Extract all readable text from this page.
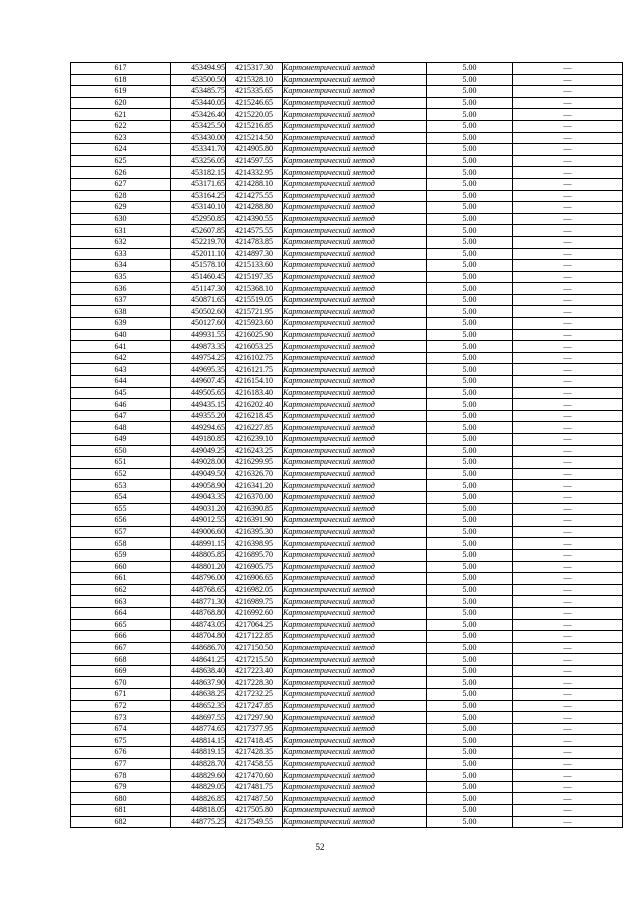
617	453494.95	4215317.30	Картометрический метод	5.00	—
618	453500.50	4215328.10	Картометрический метод	5.00	—
619	453485.75	4215335.65	Картометрический метод	5.00	—
620	453440.05	4215246.65	Картометрический метод	5.00	—
621	453426.40	4215220.05	Картометрический метод	5.00	—
622	453425.50	4215216.85	Картометрический метод	5.00	—
623	453430.00	4215214.50	Картометрический метод	5.00	—
624	453341.70	4214905.80	Картометрический метод	5.00	—
625	453256.05	4214597.55	Картометрический метод	5.00	—
626	453182.15	4214332.95	Картометрический метод	5.00	—
627	453171.65	4214288.10	Картометрический метод	5.00	—
628	453164.25	4214275.55	Картометрический метод	5.00	—
629	453140.10	4214288.80	Картометрический метод	5.00	—
630	452950.85	4214390.55	Картометрический метод	5.00	—
631	452607.85	4214575.55	Картометрический метод	5.00	—
632	452219.70	4214783.85	Картометрический метод	5.00	—
633	452011.10	4214897.30	Картометрический метод	5.00	—
634	451578.10	4215133.60	Картометрический метод	5.00	—
635	451460.45	4215197.35	Картометрический метод	5.00	—
636	451147.30	4215368.10	Картометрический метод	5.00	—
637	450871.65	4215519.05	Картометрический метод	5.00	—
638	450502.60	4215721.95	Картометрический метод	5.00	—
639	450127.60	4215923.60	Картометрический метод	5.00	—
640	449931.55	4216025.90	Картометрический метод	5.00	—
641	449873.35	4216053.25	Картометрический метод	5.00	—
642	449754.25	4216102.75	Картометрический метод	5.00	—
643	449695.35	4216121.75	Картометрический метод	5.00	—
644	449607.45	4216154.10	Картометрический метод	5.00	—
645	449505.65	4216183.40	Картометрический метод	5.00	—
646	449435.15	4216202.40	Картометрический метод	5.00	—
647	449355.20	4216218.45	Картометрический метод	5.00	—
648	449294.65	4216227.85	Картометрический метод	5.00	—
649	449180.85	4216239.10	Картометрический метод	5.00	—
650	449049.25	4216243.25	Картометрический метод	5.00	—
651	449028.00	4216299.95	Картометрический метод	5.00	—
652	449049.50	4216326.70	Картометрический метод	5.00	—
653	449058.90	4216341.20	Картометрический метод	5.00	—
654	449043.35	4216370.00	Картометрический метод	5.00	—
655	449031.20	4216390.85	Картометрический метод	5.00	—
656	449012.55	4216391.90	Картометрический метод	5.00	—
657	449006.60	4216395.30	Картометрический метод	5.00	—
658	448991.15	4216398.95	Картометрический метод	5.00	—
659	448805.85	4216895.70	Картометрический метод	5.00	—
660	448801.20	4216905.75	Картометрический метод	5.00	—
661	448796.00	4216906.65	Картометрический метод	5.00	—
662	448768.65	4216982.05	Картометрический метод	5.00	—
663	448771.30	4216989.75	Картометрический метод	5.00	—
664	448768.80	4216992.60	Картометрический метод	5.00	—
665	448743.05	4217064.25	Картометрический метод	5.00	—
666	448704.80	4217122.85	Картометрический метод	5.00	—
667	448686.70	4217150.50	Картометрический метод	5.00	—
668	448641.25	4217215.50	Картометрический метод	5.00	—
669	448638.40	4217223.40	Картометрический метод	5.00	—
670	448637.90	4217228.30	Картометрический метод	5.00	—
671	448638.25	4217232.25	Картометрический метод	5.00	—
672	448652.35	4217247.85	Картометрический метод	5.00	—
673	448697.55	4217297.90	Картометрический метод	5.00	—
674	448774.65	4217377.95	Картометрический метод	5.00	—
675	448814.15	4217418.45	Картометрический метод	5.00	—
676	448819.15	4217428.35	Картометрический метод	5.00	—
677	448828.70	4217458.55	Картометрический метод	5.00	—
678	448829.60	4217470.60	Картометрический метод	5.00	—
679	448829.05	4217481.75	Картометрический метод	5.00	—
680	448826.85	4217487.50	Картометрический метод	5.00	—
681	448818.05	4217505.80	Картометрический метод	5.00	—
682	448775.25	4217549.55	Картометрический метод	5.00	—
52
